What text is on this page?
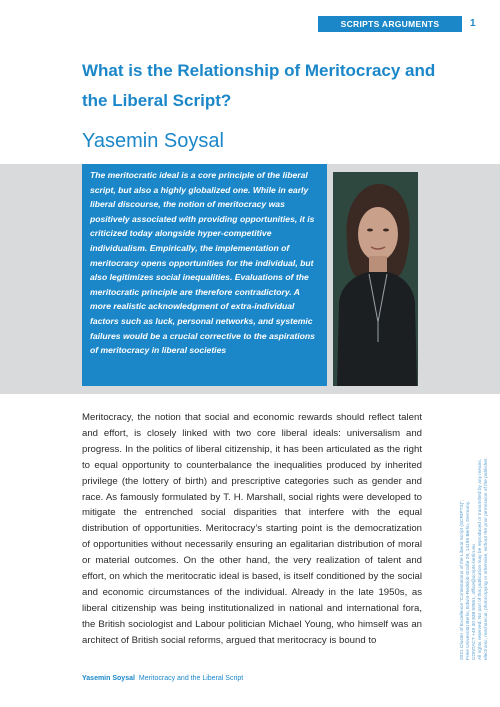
SCRIPTS ARGUMENTS	1
What is the Relationship of Meritocracy and the Liberal Script?
Yasemin Soysal
The meritocratic ideal is a core principle of the liberal script, but also a highly globalized one. While in early liberal discourse, the notion of meritocracy was positively associated with providing opportunities, it is criticized today alongside hyper-competitive individualism. Empirically, the implementation of meritocracy opens opportunities for the individual, but also legitimizes social inequalities. Evaluations of the meritocratic principle are therefore contradictory. A more realistic acknowledgment of extra-individual factors such as luck, personal networks, and systemic failures would be a crucial corrective to the aspirations of meritocracy in liberal societies

Meritocracy, the notion that social and economic rewards should reflect talent and effort, is closely linked with two core liberal ideals: universalism and progress. In the politics of liberal citizenship, it has been articulated as the right to equal opportunity to counterbalance the inequalities produced by inherited privilege (the lottery of birth) and prescriptive categories such as gender and race. As famously formulated by T. H. Marshall, social rights were developed to mitigate the entrenched social disparities that interfere with the equal distribution of opportunities. Meritocracy’s starting point is the democratization of opportunities without necessarily ensuring an egalitarian distribution of moral or material outcomes. On the other hand, the very realization of talent and effort, on which the meritocratic ideal is based, is itself conditioned by the social and economic circumstances of the individual. Already in the late 1950s, as liberal citizenship was being institutionalized in national and international fora, the British sociologist and Labour politician Michael Young, who himself was an architect of British social reforms, argued that meritocracy is bound to	2021 Cluster of Excellence “Contestations of the Liberal Script (SCRIPTS)”, Freie Universität Berlin, Edwin-Redslob-Straße 29, 14195 Berlin, Germany. CONTACT +49 30 838 59551, office@scripts-berlin.eu All rights reserved. No part of this publication may be reproduced or transmitted by any means, electronic, mechanical, photocopying or otherwise, without the prior permission of the publisher.
Yasemin Soysal Meritocracy and the Liberal Script
